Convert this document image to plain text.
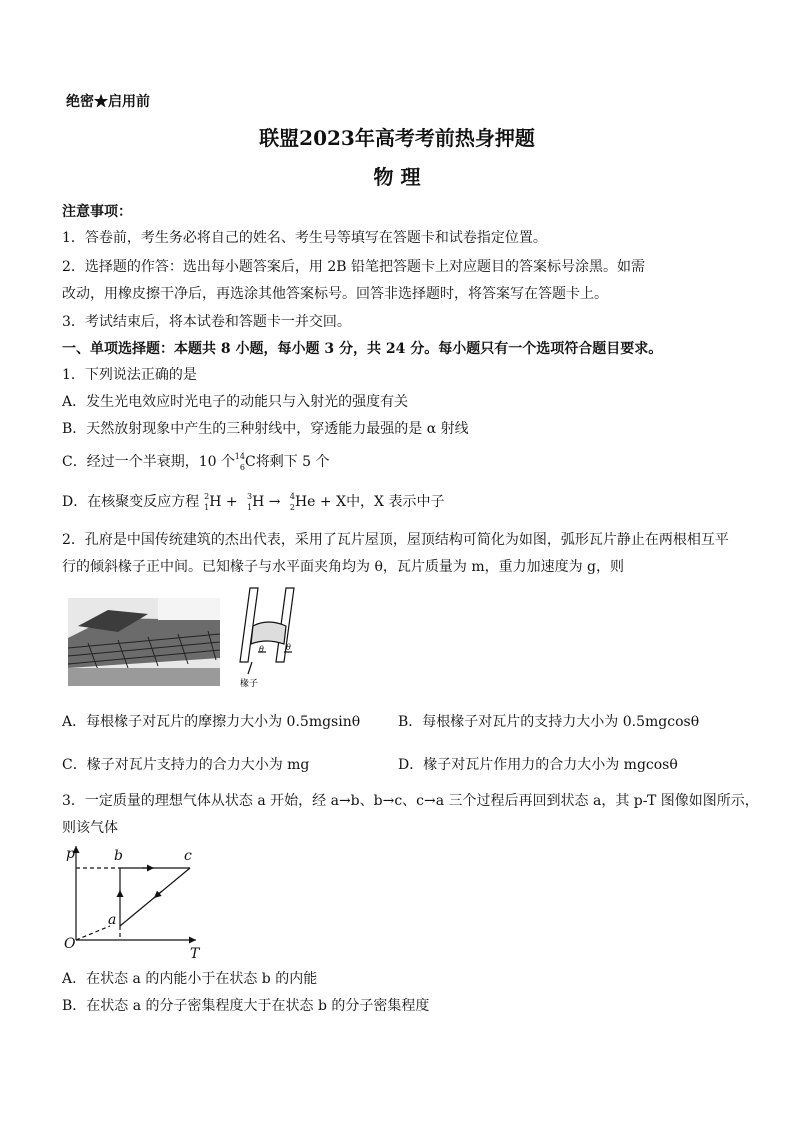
绝密★启用前
联盟2023年高考考前热身押题
物 理
注意事项：
1．答卷前，考生务必将自己的姓名、考生号等填写在答题卡和试卷指定位置。
2．选择题的作答：选出每小题答案后，用 2B 铅笔把答题卡上对应题目的答案标号涂黑。如需
改动，用橡皮擦干净后，再选涂其他答案标号。回答非选择题时，将答案写在答题卡上。
3．考试结束后，将本试卷和答题卡一并交回。
一、单项选择题：本题共 8 小题，每小题 3 分，共 24 分。每小题只有一个选项符合题目要求。
1．下列说法正确的是
A．发生光电效应时光电子的动能只与入射光的强度有关
B．天然放射现象中产生的三种射线中，穿透能力最强的是 α 射线
C．经过一个半衰期，10 个 14
6 C将剩下 5 个
D．在核聚变反应方程 2
1 H + 3
1 H → 4
2 He + X中，X 表示中子
2．孔府是中国传统建筑的杰出代表，采用了瓦片屋顶，屋顶结构可简化为如图，弧形瓦片静止在两根相互平
行的倾斜椽子正中间。已知椽子与水平面夹角均为 θ，瓦片质量为 m，重力加速度为 g，则
θ	θ
椽子
A．每根椽子对瓦片的摩擦力大小为 0.5mgsinθ	B．每根椽子对瓦片的支持力大小为 0.5mgcosθ
C．椽子对瓦片支持力的合力大小为 mg	D．椽子对瓦片作用力的合力大小为 mgcosθ
3．一定质量的理想气体从状态 a 开始，经 a→b、b→c、c→a 三个过程后再回到状态 a，其 p-T 图像如图所示，
则该气体
p
T
O
a
b	c
A．在状态 a 的内能小于在状态 b 的内能
B．在状态 a 的分子密集程度大于在状态 b 的分子密集程度
